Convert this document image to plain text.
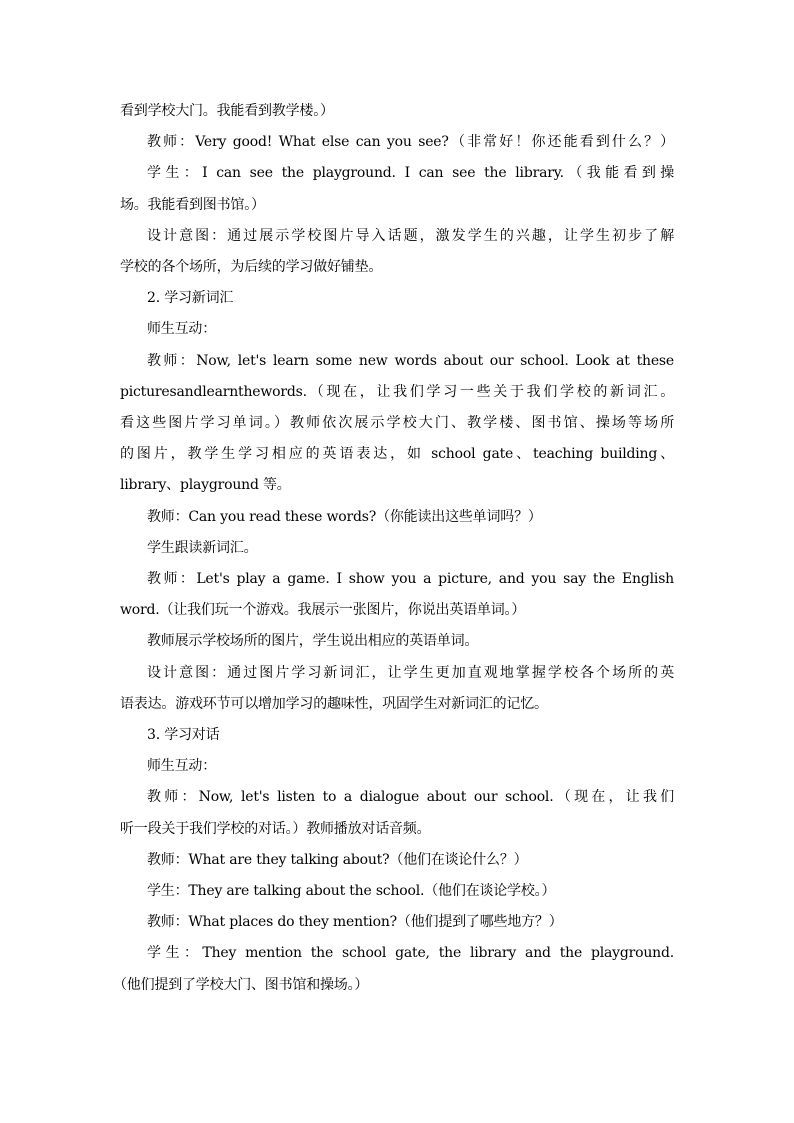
看到学校大门。我能看到教学楼。）
教师：Very good! What else can you see?（非常好！你还能看到什么？）
学生：I can see the playground. I can see the library.（我能看到操
场。我能看到图书馆。）
设计意图：通过展示学校图片导入话题，激发学生的兴趣，让学生初步了解
学校的各个场所，为后续的学习做好铺垫。
2. 学习新词汇
师生互动：
教师：Now, let's learn some new words about our school. Look at these
picturesandlearnthewords.（现在，让我们学习一些关于我们学校的新词汇。
看这些图片学习单词。）教师依次展示学校大门、教学楼、图书馆、操场等场所
的图片，教学生学习相应的英语表达，如 school gate、teaching building、
library、playground 等。
教师：Can you read these words?（你能读出这些单词吗？）
学生跟读新词汇。
教师：Let's play a game. I show you a picture, and you say the English
word.（让我们玩一个游戏。我展示一张图片，你说出英语单词。）
教师展示学校场所的图片，学生说出相应的英语单词。
设计意图：通过图片学习新词汇，让学生更加直观地掌握学校各个场所的英
语表达。游戏环节可以增加学习的趣味性，巩固学生对新词汇的记忆。
3. 学习对话
师生互动：
教师：Now, let's listen to a dialogue about our school.（现在，让我们
听一段关于我们学校的对话。）教师播放对话音频。
教师：What are they talking about?（他们在谈论什么？）
学生：They are talking about the school.（他们在谈论学校。）
教师：What places do they mention?（他们提到了哪些地方？）
学生：They mention the school gate, the library and the playground.
（他们提到了学校大门、图书馆和操场。）
